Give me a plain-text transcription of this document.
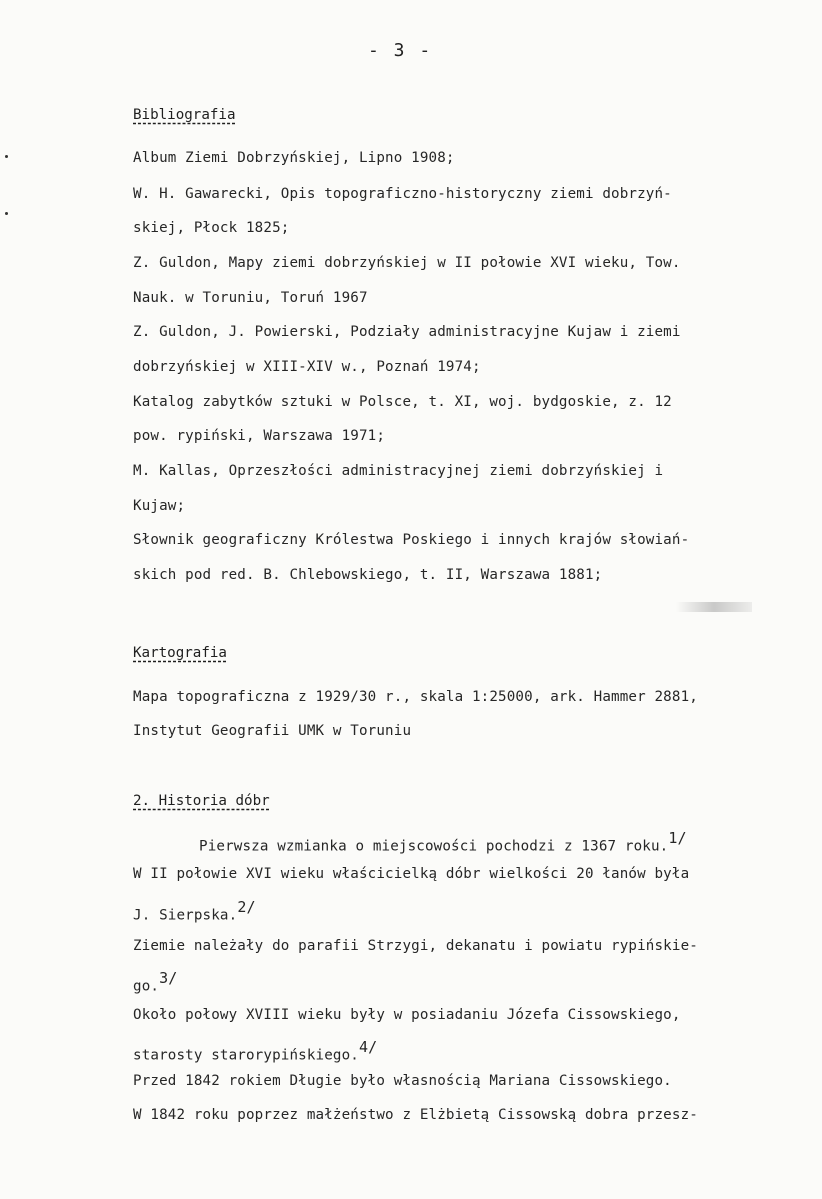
- 3 -
Bibliografia
Album Ziemi Dobrzyńskiej, Lipno 1908;
W. H. Gawarecki, Opis topograficzno-historyczny ziemi dobrzyń-
skiej, Płock 1825;
Z. Guldon, Mapy ziemi dobrzyńskiej w II połowie XVI wieku, Tow.
Nauk. w Toruniu, Toruń 1967
Z. Guldon, J. Powierski, Podziały administracyjne Kujaw i ziemi
dobrzyńskiej w XIII-XIV w., Poznań 1974;
Katalog zabytków sztuki w Polsce, t. XI, woj. bydgoskie, z. 12
pow. rypiński, Warszawa 1971;
M. Kallas, Oprzeszłości administracyjnej ziemi dobrzyńskiej i
Kujaw;
Słownik geograficzny Królestwa Poskiego i innych krajów słowiań-
skich pod red. B. Chlebowskiego, t. II, Warszawa 1881;
Kartografia
Mapa topograficzna z 1929/30 r., skala 1:25000, ark. Hammer 2881,
Instytut Geografii UMK w Toruniu
2. Historia dóbr
Pierwsza wzmianka o miejscowości pochodzi z 1367 roku.$^{1/}$
W II połowie XVI wieku właścicielką dóbr wielkości 20 łanów była
J. Sierpska.$^{2/}$
Ziemie należały do parafii Strzygi, dekanatu i powiatu rypińskie-
go.$^{3/}$
Około połowy XVIII wieku były w posiadaniu Józefa Cissowskiego,
starosty starorypińskiego.$^{4/}$
Przed 1842 rokiem Długie było własnością Mariana Cissowskiego.
W 1842 roku poprzez małżeństwo z Elżbietą Cissowską dobra przesz-
